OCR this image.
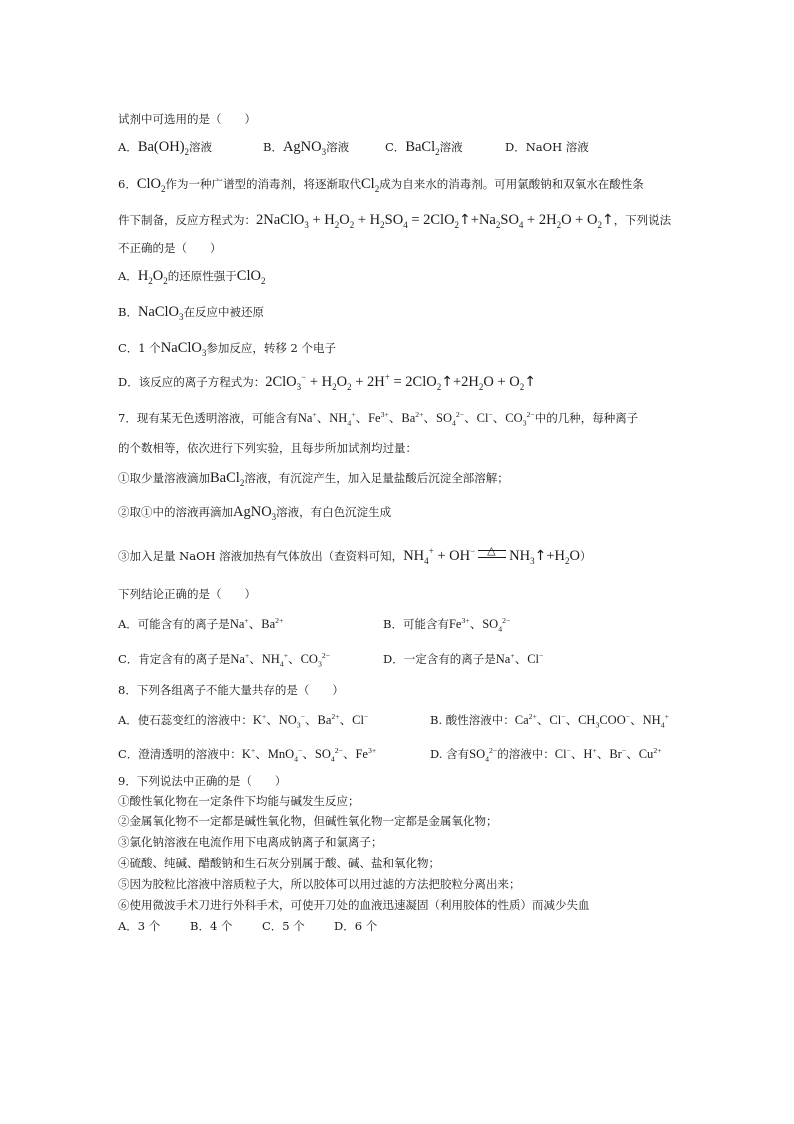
试剂中可选用的是（　　）
A．$Ba(OH)_2$溶液	B．AgNO$_3$溶液	C．BaCl$_2$溶液	D．NaOH 溶液
6．ClO$_2$作为一种广谱型的消毒剂，将逐渐取代$Cl_2$成为自来水的消毒剂。可用氯酸钠和双氧水在酸性条
件下制备，反应方程式为：2NaClO$_3$ + $H_2O_2 + H_2SO_4$ = $2ClO_2↑+Na_2SO_4 + 2H_2O$ + $O_2↑$，下列说法
不正确的是（　　）
A．$H_2O_2$的还原性强于ClO$_2$
B．NaClO$_3$在反应中被还原
C．1 个NaClO$_3$参加反应，转移 2 个电子
D．该反应的离子方程式为：$2ClO_3^- + H_2O_2 + 2H^+$ = $2ClO_2↑+2H_2O$ + $O_2↑$
7．现有某无色透明溶液，可能含有Na+、$NH_4^+$、$Fe^{3+}$、$Ba^{2+}$、$SO_4^{2-}$、Cl−、$CO_3^{2-}$中的几种，每种离子
的个数相等，依次进行下列实验，且每步所加试剂均过量：
①取少量溶液滴加BaCl$_2$溶液，有沉淀产生，加入足量盐酸后沉淀全部溶解；
②取①中的溶液再滴加AgNO$_3$溶液，有白色沉淀生成
③加入足量 NaOH 溶液加热有气体放出（查资料可知，$NH_4^+ + OH^-$ △ $NH_3↑+H_2O$）
下列结论正确的是（　　）
A．可能含有的离子是Na+、$Ba^{2+}$	B．可能含有$Fe^{3+}$、$SO_4^{2-}$
C．肯定含有的离子是Na+、$NH_4^+$、$CO_3^{2-}$	D．一定含有的离子是Na+、Cl−
8．下列各组离子不能大量共存的是（　　）
A．使石蕊变红的溶液中：K+、$NO_3^-$、$Ba^{2+}$、Cl−	B. 酸性溶液中：$Ca^{2+}$、Cl−、$CH_3COO^-$、$NH_4^+$
C．澄清透明的溶液中：K+、MnO$_4$−、$SO_4^{2-}$、$Fe^{3+}$	D. 含有$SO_4^{2-}$的溶液中：Cl−、H+、Br−、$Cu^{2+}$
9．下列说法中正确的是（　　）
①酸性氧化物在一定条件下均能与碱发生反应；
②金属氧化物不一定都是碱性氧化物，但碱性氧化物一定都是金属氧化物；
③氯化钠溶液在电流作用下电离成钠离子和氯离子；
④硫酸、纯碱、醋酸钠和生石灰分别属于酸、碱、盐和氧化物；
⑤因为胶粒比溶液中溶质粒子大，所以胶体可以用过滤的方法把胶粒分离出来；
⑥使用微波手术刀进行外科手术，可使开刀处的血液迅速凝固（利用胶体的性质）而减少失血
A．3 个	B．4 个	C．5 个	D．6 个
